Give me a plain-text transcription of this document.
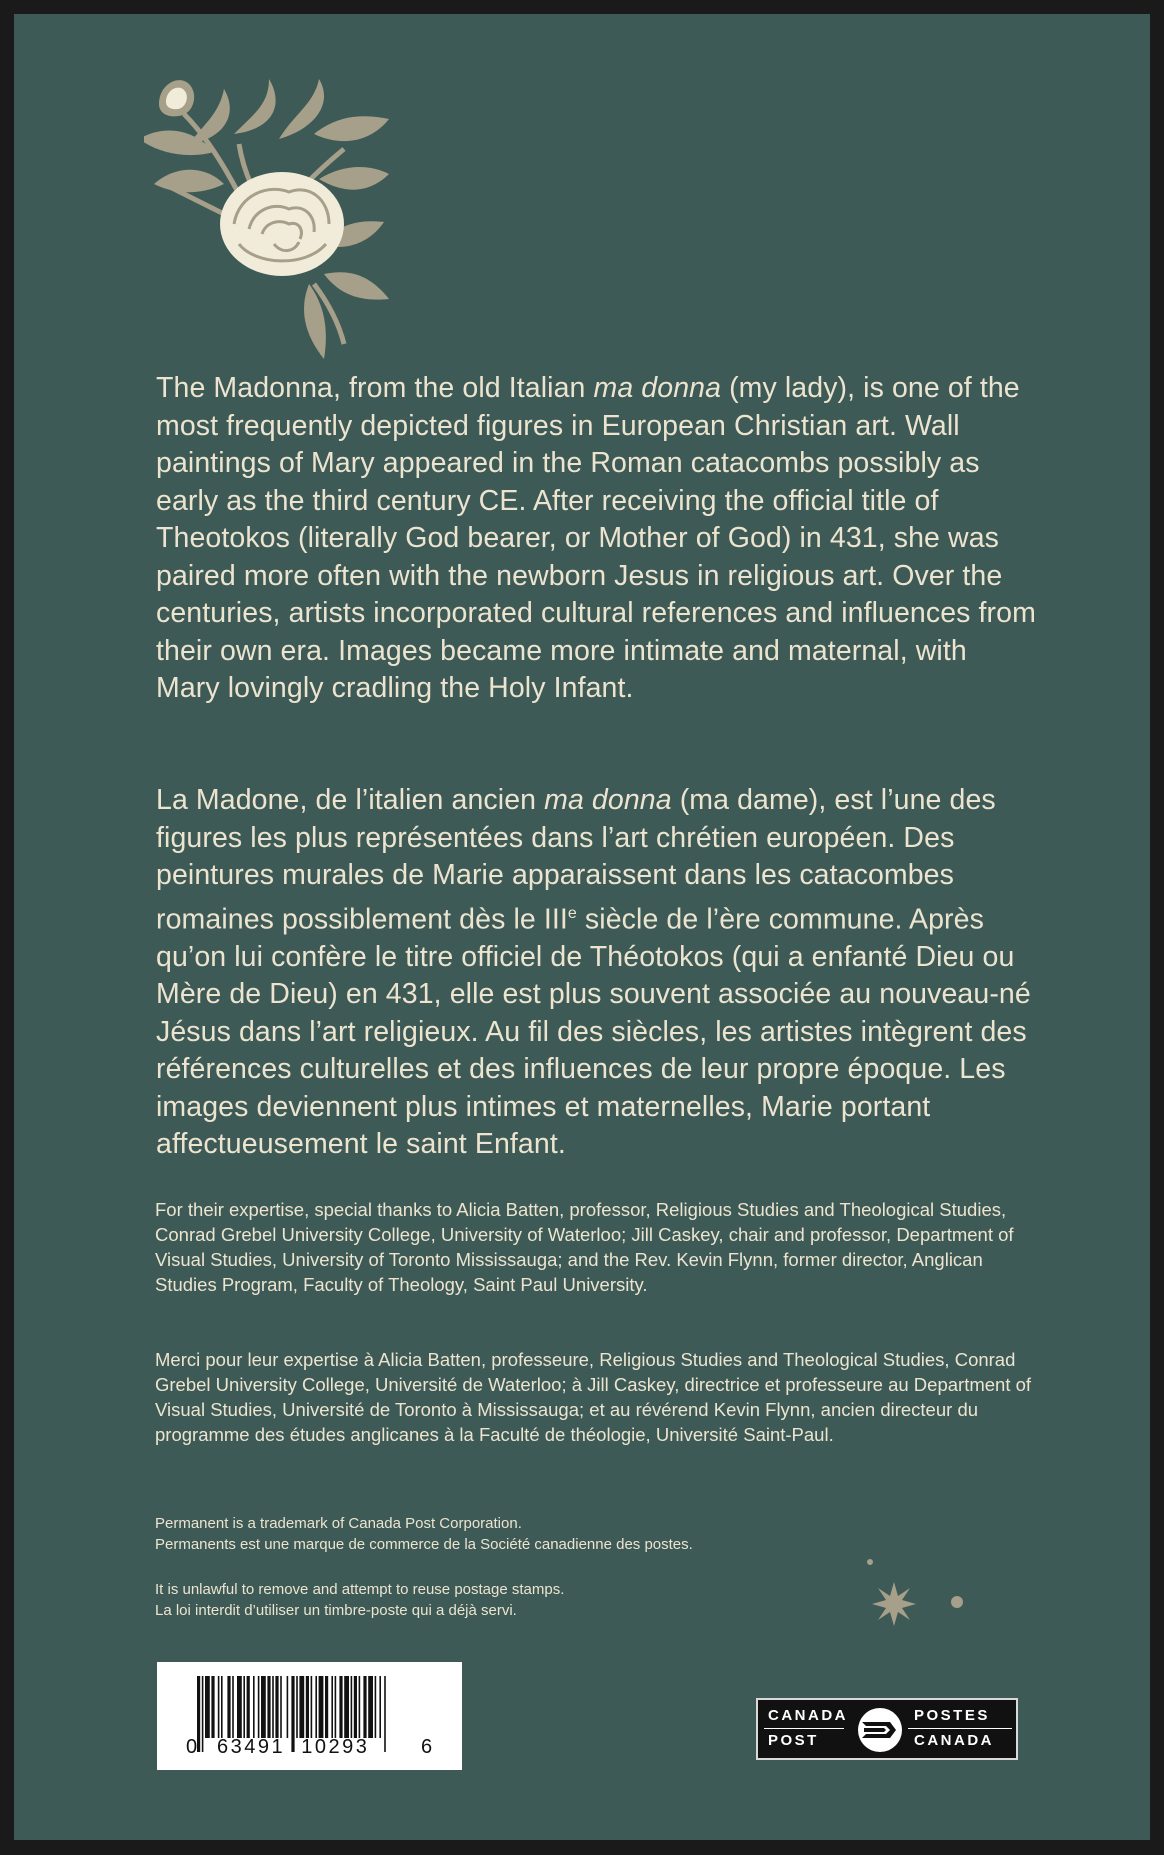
The Madonna, from the old Italian ma donna (my lady), is one of the most frequently depicted figures in European Christian art. Wall paintings of Mary appeared in the Roman catacombs possibly as early as the third century CE. After receiving the official title of Theotokos (literally God bearer, or Mother of God) in 431, she was paired more often with the newborn Jesus in religious art. Over the centuries, artists incorporated cultural references and influences from their own era. Images became more intimate and maternal, with Mary lovingly cradling the Holy Infant.

La Madone, de l’italien ancien ma donna (ma dame), est l’une des figures les plus représentées dans l’art chrétien européen. Des peintures murales de Marie apparaissent dans les catacombes romaines possiblement dès le IIIe siècle de l’ère commune. Après qu’on lui confère le titre officiel de Théotokos (qui a enfanté Dieu ou Mère de Dieu) en 431, elle est plus souvent associée au nouveau-né Jésus dans l’art religieux. Au fil des siècles, les artistes intègrent des références culturelles et des influences de leur propre époque. Les images deviennent plus intimes et maternelles, Marie portant affectueusement le saint Enfant.

For their expertise, special thanks to Alicia Batten, professor, Religious Studies and Theological Studies, Conrad Grebel University College, University of Waterloo; Jill Caskey, chair and professor, Department of Visual Studies, University of Toronto Mississauga; and the Rev. Kevin Flynn, former director, Anglican Studies Program, Faculty of Theology, Saint Paul University.

Merci pour leur expertise à Alicia Batten, professeure, Religious Studies and Theological Studies, Conrad Grebel University College, Université de Waterloo; à Jill Caskey, directrice et professeure au Department of Visual Studies, Université de Toronto à Mississauga; et au révérend Kevin Flynn, ancien directeur du programme des études anglicanes à la Faculté de théologie, Université Saint-Paul.

Permanent is a trademark of Canada Post Corporation.

Permanents est une marque de commerce de la Société canadienne des postes.

It is unlawful to remove and attempt to reuse postage stamps.

La loi interdit d’utiliser un timbre-poste qui a déjà servi.

0 63491  10293	6
CANADA
POST
POSTES
CANADA
